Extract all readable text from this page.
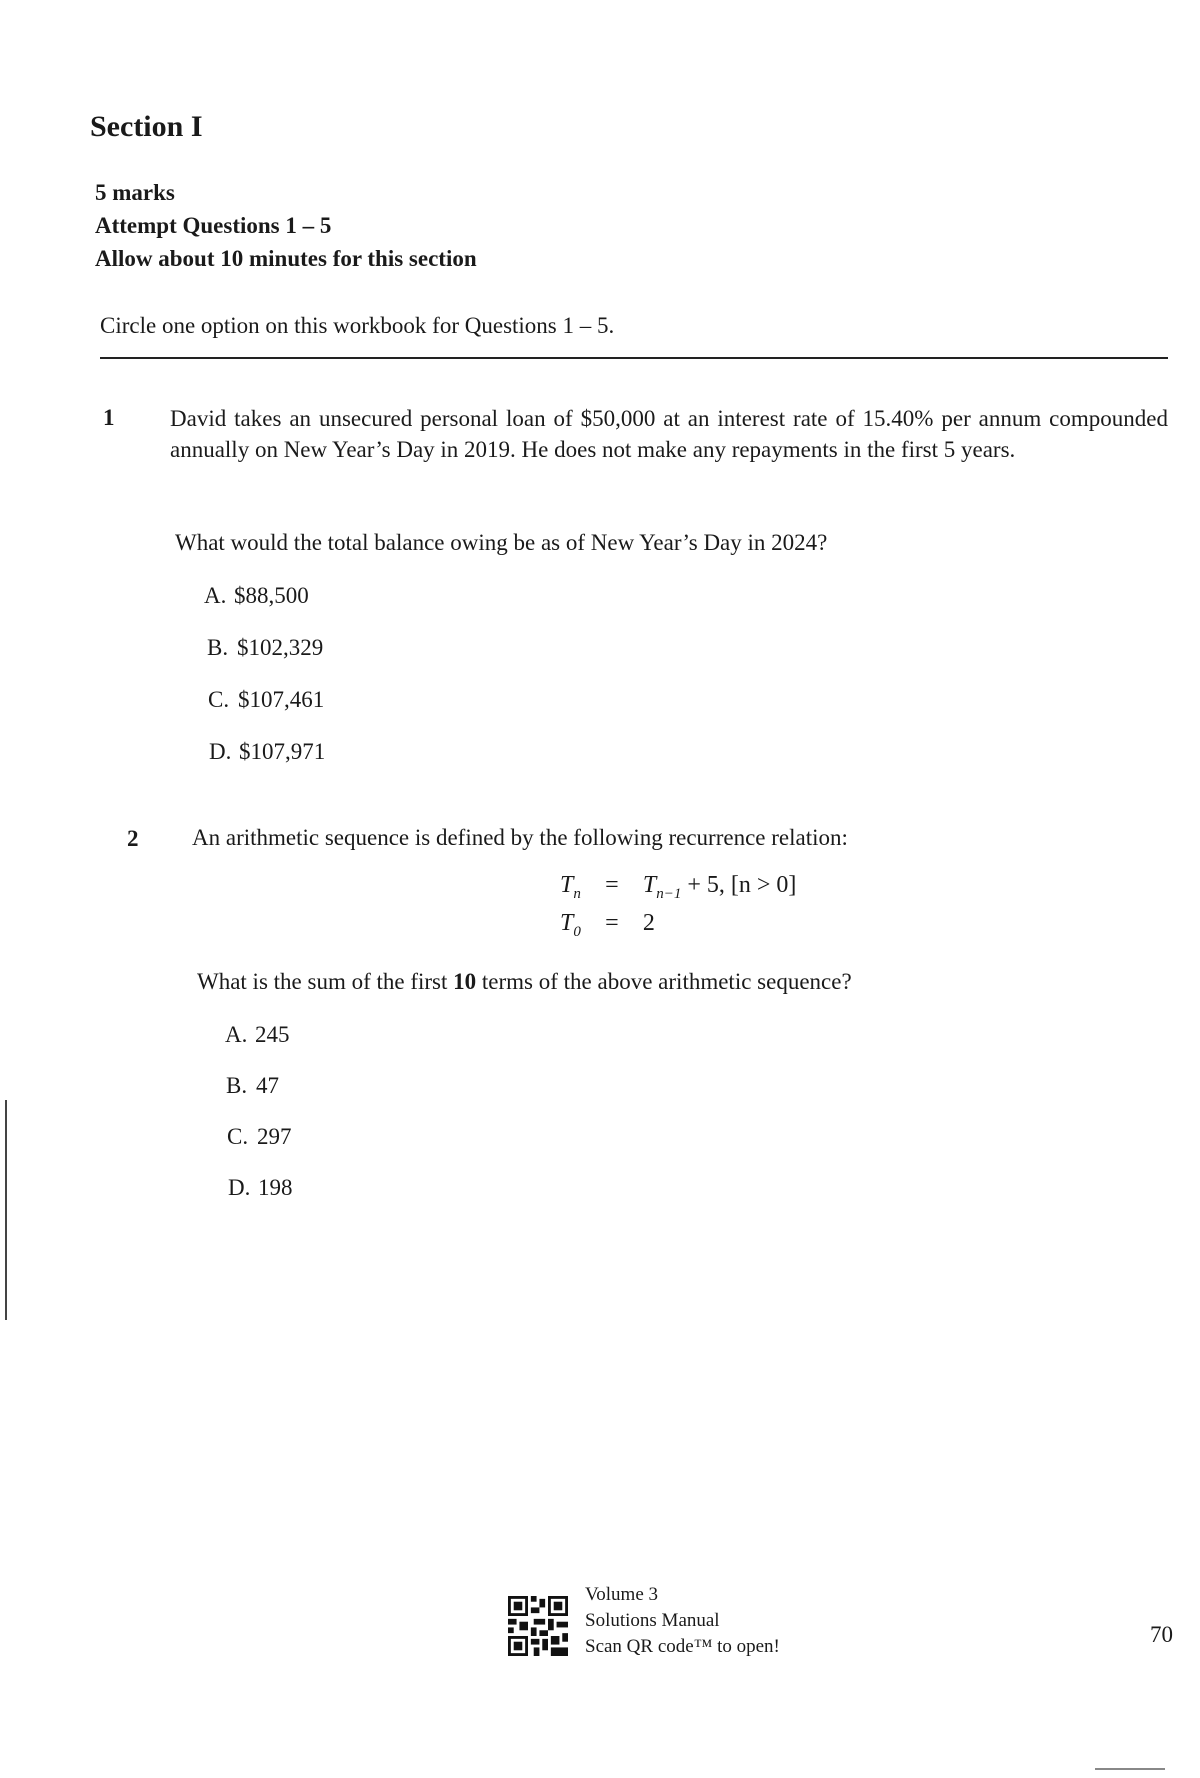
Section I
5 marks
Attempt Questions 1 – 5
Allow about 10 minutes for this section
Circle one option on this workbook for Questions 1 – 5.
1 David takes an unsecured personal loan of $50,000 at an interest rate of 15.40% per annum compounded annually on New Year’s Day in 2019. He does not make any repayments in the first 5 years.
What would the total balance owing be as of New Year’s Day in 2024?
A. $88,500
B. $102,329
C. $107,461
D. $107,971
2 An arithmetic sequence is defined by the following recurrence relation:
$T_n = T_{n-1} + 5$, [n > 0]
$T_0 = 2$
What is the sum of the first 10 terms of the above arithmetic sequence?
A. 245
B. 47
C. 297
D. 198
Volume 3
Solutions Manual
Scan QR code™ to open!	70
